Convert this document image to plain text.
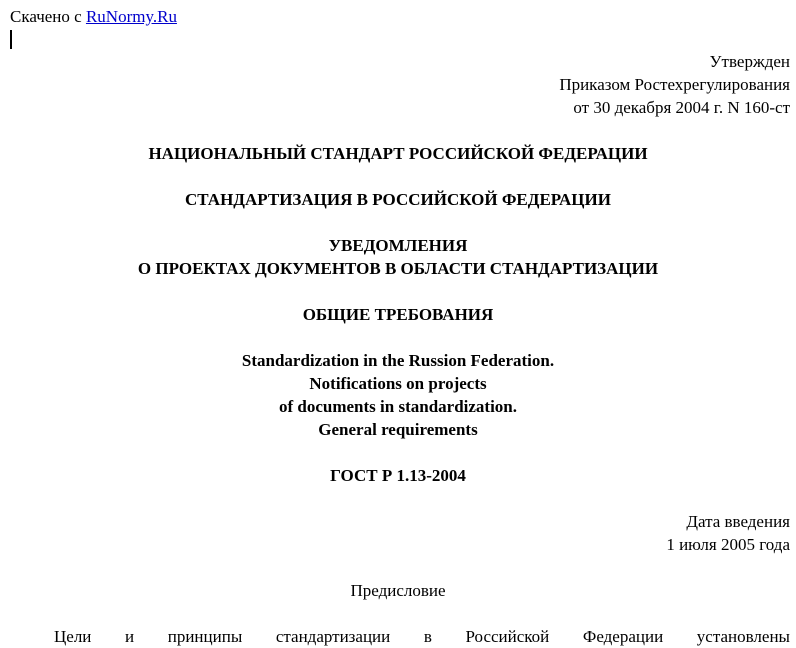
Скачено с RuNormy.Ru
Утвержден
Приказом Ростехрегулирования
от 30 декабря 2004 г. N 160-ст
НАЦИОНАЛЬНЫЙ СТАНДАРТ РОССИЙСКОЙ ФЕДЕРАЦИИ
СТАНДАРТИЗАЦИЯ В РОССИЙСКОЙ ФЕДЕРАЦИИ
УВЕДОМЛЕНИЯ
О ПРОЕКТАХ ДОКУМЕНТОВ В ОБЛАСТИ СТАНДАРТИЗАЦИИ
ОБЩИЕ ТРЕБОВАНИЯ
Standardization in the Russion Federation.
Notifications on projects
of documents in standardization.
General requirements
ГОСТ Р 1.13-2004
Дата введения
1 июля 2005 года
Предисловие
Цели и принципы стандартизации в Российской Федерации установлены
